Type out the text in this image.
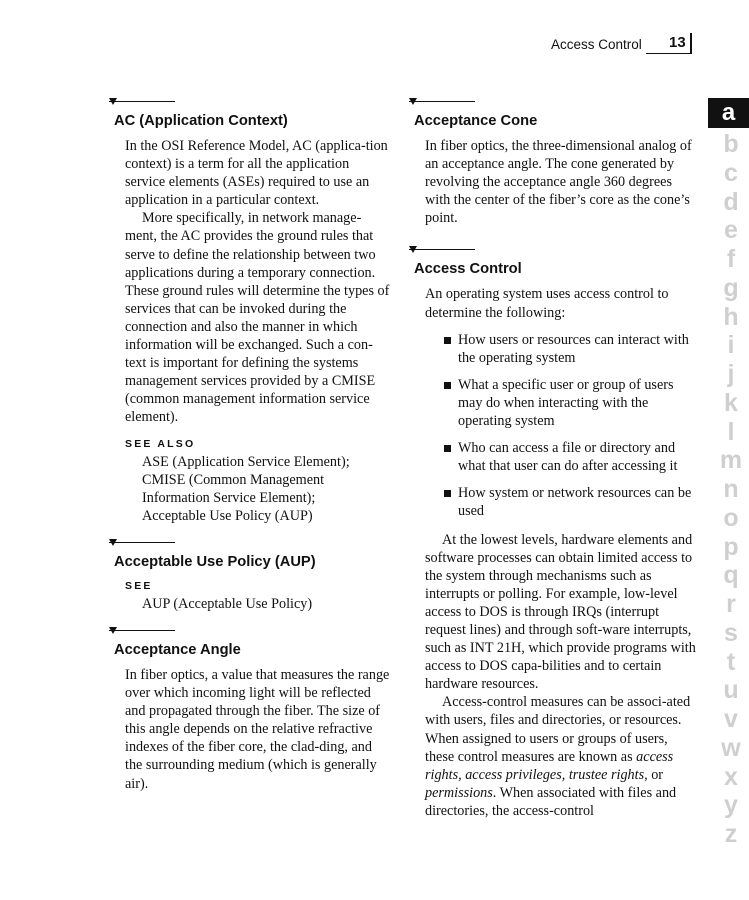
Access Control 13
AC (Application Context)

In the OSI Reference Model, AC (applica-tion context) is a term for all the application service elements (ASEs) required to use an application in a particular context.

More specifically, in network manage-ment, the AC provides the ground rules that serve to define the relationship between two applications during a temporary connection. These ground rules will determine the types of services that can be invoked during the connection and also the manner in which information will be exchanged. Such a con-text is important for defining the systems management services provided by a CMISE (common management information service element).

SEE ALSO
ASE (Application Service Element);
CMISE (Common Management
Information Service Element);
Acceptable Use Policy (AUP)
Acceptable Use Policy (AUP)
SEE
AUP (Acceptable Use Policy)
Acceptance Angle

In fiber optics, a value that measures the range over which incoming light will be reflected and propagated through the fiber. The size of this angle depends on the relative refractive indexes of the fiber core, the clad-ding, and the surrounding medium (which is generally air).

Acceptance Cone

In fiber optics, the three-dimensional analog of an acceptance angle. The cone generated by revolving the acceptance angle 360 degrees with the center of the fiber’s core as the cone’s point.

Access Control

An operating system uses access control to determine the following:

How users or resources can interact with the operating system
What a specific user or group of users may do when interacting with the operating system
Who can access a file or directory and what that user can do after accessing it
How system or network resources can be used

At the lowest levels, hardware elements and software processes can obtain limited access to the system through mechanisms such as interrupts or polling. For example, low-level access to DOS is through IRQs (interrupt request lines) and through soft-ware interrupts, such as INT 21H, which provide programs with access to DOS capa-bilities and to certain hardware resources.

Access-control measures can be associ-ated with users, files and directories, or resources. When assigned to users or groups of users, these control measures are known as access rights, access privileges, trustee rights, or permissions. When associated with files and directories, the access-control

a
b
c
d
e
f
g
h
i
j
k
l
m
n
o
p
q
r
s
t
u
v
w
x
y
z
